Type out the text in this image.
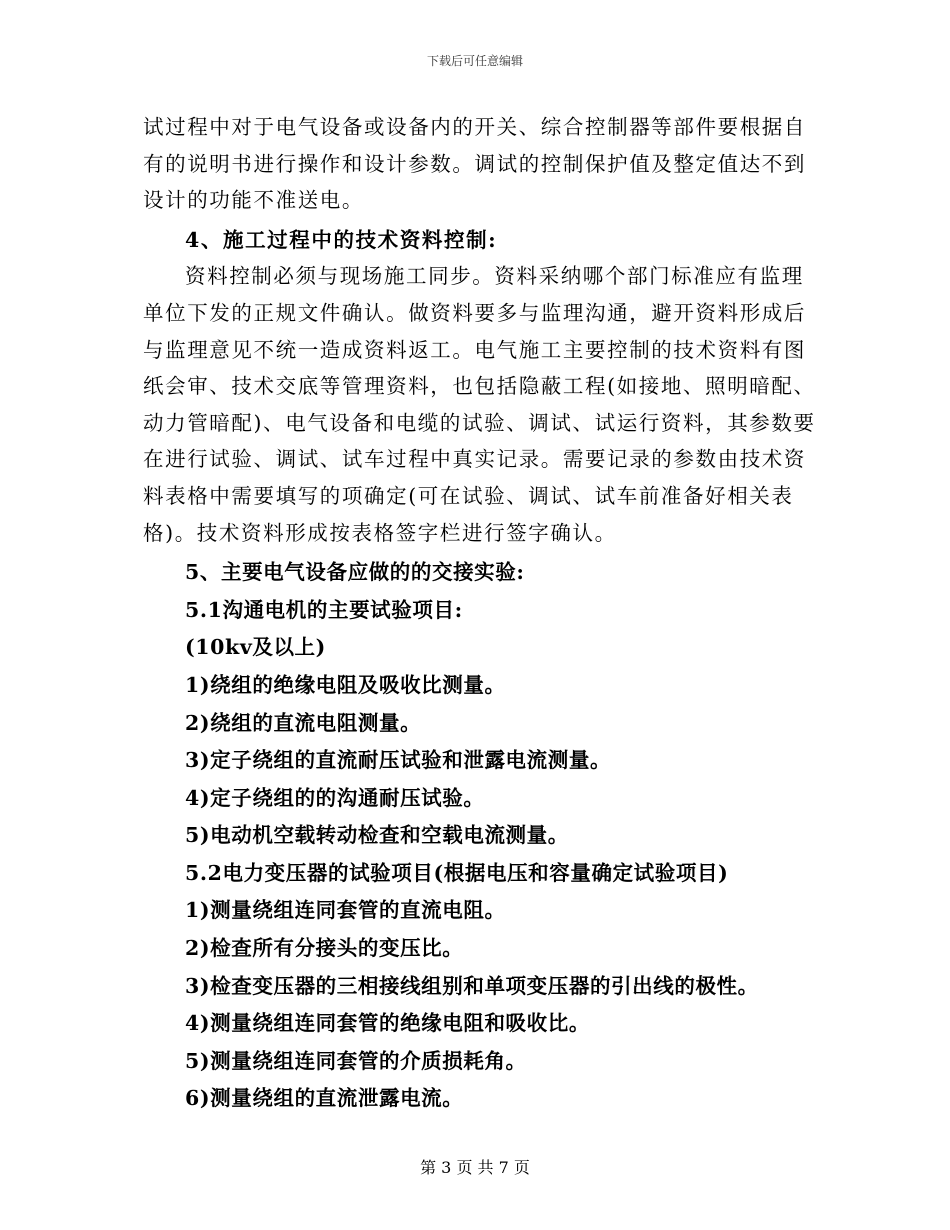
下载后可任意编辑
试过程中对于电气设备或设备内的开关、综合控制器等部件要根据自
有的说明书进行操作和设计参数。调试的控制保护值及整定值达不到
设计的功能不准送电。
4、施工过程中的技术资料控制:
资料控制必须与现场施工同步。资料采纳哪个部门标准应有监理
单位下发的正规文件确认。做资料要多与监理沟通，避开资料形成后
与监理意见不统一造成资料返工。电气施工主要控制的技术资料有图
纸会审、技术交底等管理资料，也包括隐蔽工程(如接地、照明暗配、
动力管暗配)、电气设备和电缆的试验、调试、试运行资料，其参数要
在进行试验、调试、试车过程中真实记录。需要记录的参数由技术资
料表格中需要填写的项确定(可在试验、调试、试车前准备好相关表
格)。技术资料形成按表格签字栏进行签字确认。
5、主要电气设备应做的的交接实验:
5.1沟通电机的主要试验项目:
(10kv及以上)
1)绕组的绝缘电阻及吸收比测量。
2)绕组的直流电阻测量。
3)定子绕组的直流耐压试验和泄露电流测量。
4)定子绕组的的沟通耐压试验。
5)电动机空载转动检查和空载电流测量。
5.2电力变压器的试验项目(根据电压和容量确定试验项目)
1)测量绕组连同套管的直流电阻。
2)检查所有分接头的变压比。
3)检查变压器的三相接线组别和单项变压器的引出线的极性。
4)测量绕组连同套管的绝缘电阻和吸收比。
5)测量绕组连同套管的介质损耗角。
6)测量绕组的直流泄露电流。
第 3 页 共 7 页
